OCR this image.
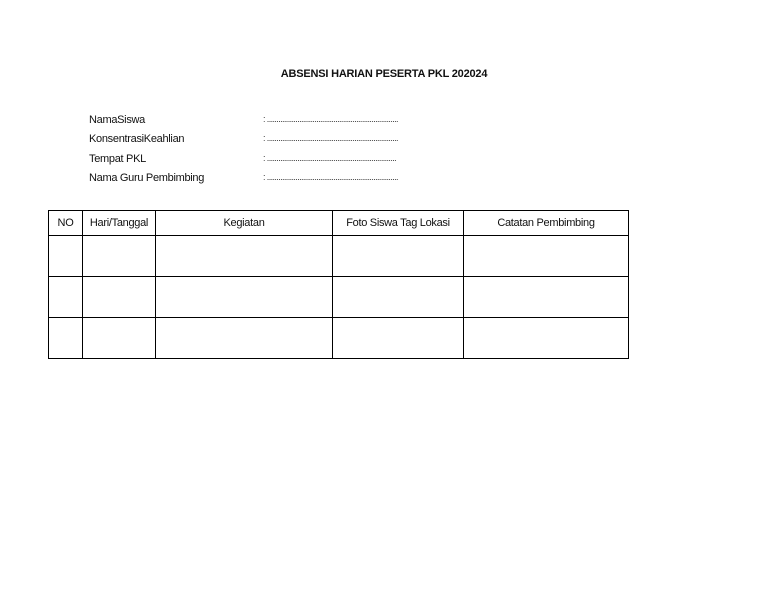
ABSENSI HARIAN PESERTA PKL 202024
NamaSiswa	: .....................................................................
KonsentrasiKeahlian	: .....................................................................
Tempat PKL	: ....................................................................
Nama Guru Pembimbing	: .....................................................................
NO	Hari/Tanggal	Kegiatan	Foto Siswa Tag Lokasi	Catatan Pembimbing
